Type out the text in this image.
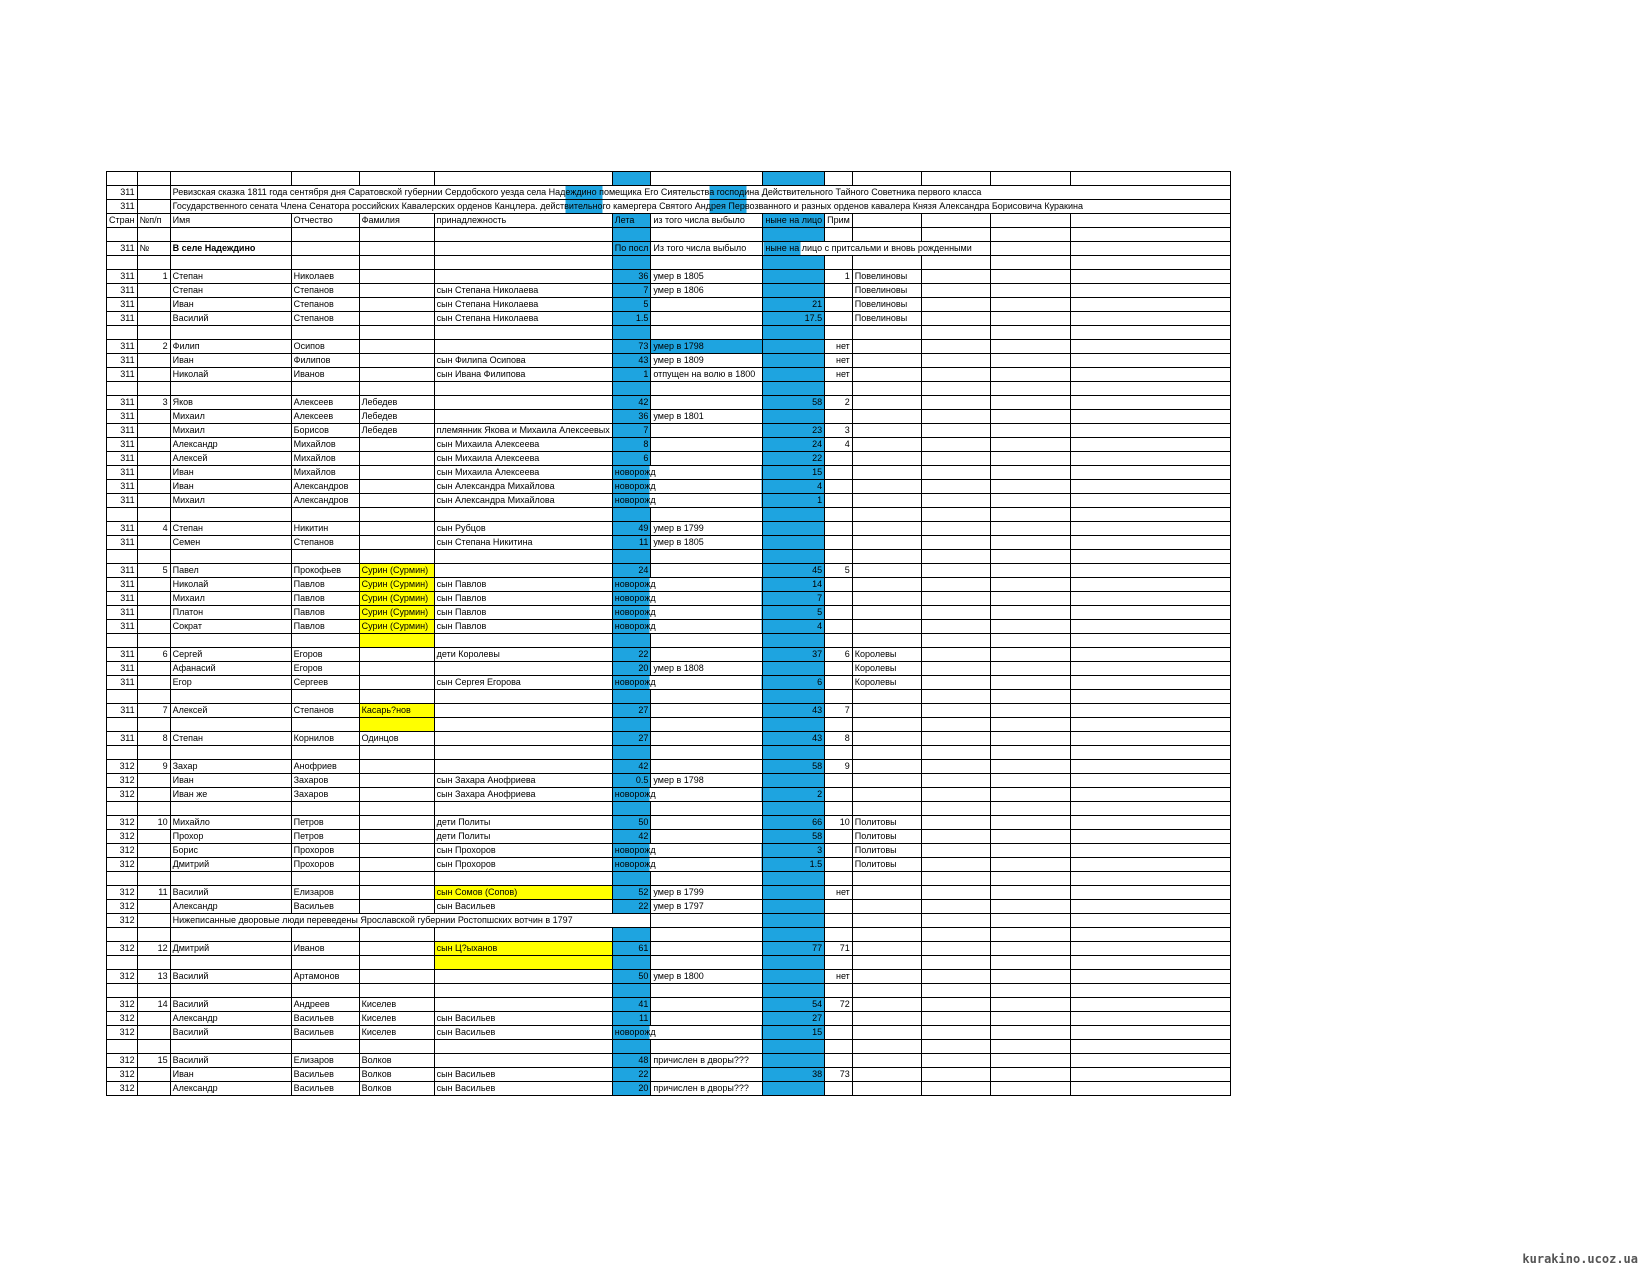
311		Ревизская сказка 1811 года сентября дня Саратовской губернии Сердобского уезда села Надеждино помещика Его Сиятельства господина Действительного Тайного Советника первого класса											
311		Государственного сената Члена Сенатора российских Кавалерских орденов Канцлера. действительного камергера Святого Андрея Первозванного и разных орденов кавалера Князя Александра Борисовича Куракина											
Стран	№п/п	Имя	Отчество	Фамилия	принадлежность	Лета	из того числа выбыло	ныне на лицо	Прим				

311	№	В селе Надеждино				По посл	Из того числа выбыло	ныне на лицо с притсальми и вновь рожденными					

311	1	Степан	Николаев			36	умер в 1805		1	Повелиновы			
311		Степан	Степанов		сын Степана Николаева	7	умер в 1806			Повелиновы			
311		Иван	Степанов		сын Степана Николаева	5		21		Повелиновы			
311		Василий	Степанов		сын Степана Николаева	1.5		17.5		Повелиновы			

311	2	Филип	Осипов			73	умер в 1798		нет				
311		Иван	Филипов		сын Филипа Осипова	43	умер в 1809		нет				
311		Николай	Иванов		сын Ивана Филипова	1	отпущен на волю в 1800		нет				

311	3	Яков	Алексеев	Лебедев		42		58	2				
311		Михаил	Алексеев	Лебедев		36	умер в 1801						
311		Михаил	Борисов	Лебедев	племянник Якова и Михаила Алексеевых	7		23	3				
311		Александр	Михайлов		сын Михаила Алексеева	8		24	4				
311		Алексей	Михайлов		сын Михаила Алексеева	6		22					
311		Иван	Михайлов		сын Михаила Алексеева	новорожд		15					
311		Иван	Александров		сын Александра Михайлова	новорожд		4					
311		Михаил	Александров		сын Александра Михайлова	новорожд		1					

311	4	Степан	Никитин		сын Рубцов	49	умер в 1799						
311		Семен	Степанов		сын Степана Никитина	11	умер в 1805						

311	5	Павел	Прокофьев	Сурин (Сурмин)		24		45	5				
311		Николай	Павлов	Сурин (Сурмин)	сын Павлов	новорожд		14					
311		Михаил	Павлов	Сурин (Сурмин)	сын Павлов	новорожд		7					
311		Платон	Павлов	Сурин (Сурмин)	сын Павлов	новорожд		5					
311		Сократ	Павлов	Сурин (Сурмин)	сын Павлов	новорожд		4					

311	6	Сергей	Егоров		дети Королевы	22		37	6	Королевы			
311		Афанасий	Егоров			20	умер в 1808			Королевы			
311		Егор	Сергеев		сын Сергея Егорова	новорожд		6		Королевы			

311	7	Алексей	Степанов	Касарь?нов		27		43	7				

311	8	Степан	Корнилов	Одинцов		27		43	8				

312	9	Захар	Анофриев			42		58	9				
312		Иван	Захаров		сын Захара Анофриева	0.5	умер в 1798						
312		Иван же	Захаров		сын Захара Анофриева	новорожд		2					

312	10	Михайло	Петров		дети Политы	50		66	10	Политовы			
312		Прохор	Петров		дети Политы	42		58		Политовы			
312		Борис	Прохоров		сын Прохоров	новорожд		3		Политовы			
312		Дмитрий	Прохоров		сын Прохоров	новорожд		1.5		Политовы			

312	11	Василий	Елизаров		сын Сомов (Сопов)	52	умер в 1799		нет				
312		Александр	Васильев		сын Васильев	22	умер в 1797						
312		Нижеписанные дворовые люди переведены Ярославской губернии Ростопшских вотчин в 1797											

312	12	Дмитрий	Иванов		сын Ц?ыханов	61		77	71				

312	13	Василий	Артамонов			50	умер в 1800		нет				

312	14	Василий	Андреев	Киселев		41		54	72				
312		Александр	Васильев	Киселев	сын Васильев	11		27					
312		Василий	Васильев	Киселев	сын Васильев	новорожд		15					

312	15	Василий	Елизаров	Волков		48	причислен в дворы???						
312		Иван	Васильев	Волков	сын Васильев	22		38	73				
312		Александр	Васильев	Волков	сын Васильев	20	причислен в дворы???						
kurakino.ucoz.ua
